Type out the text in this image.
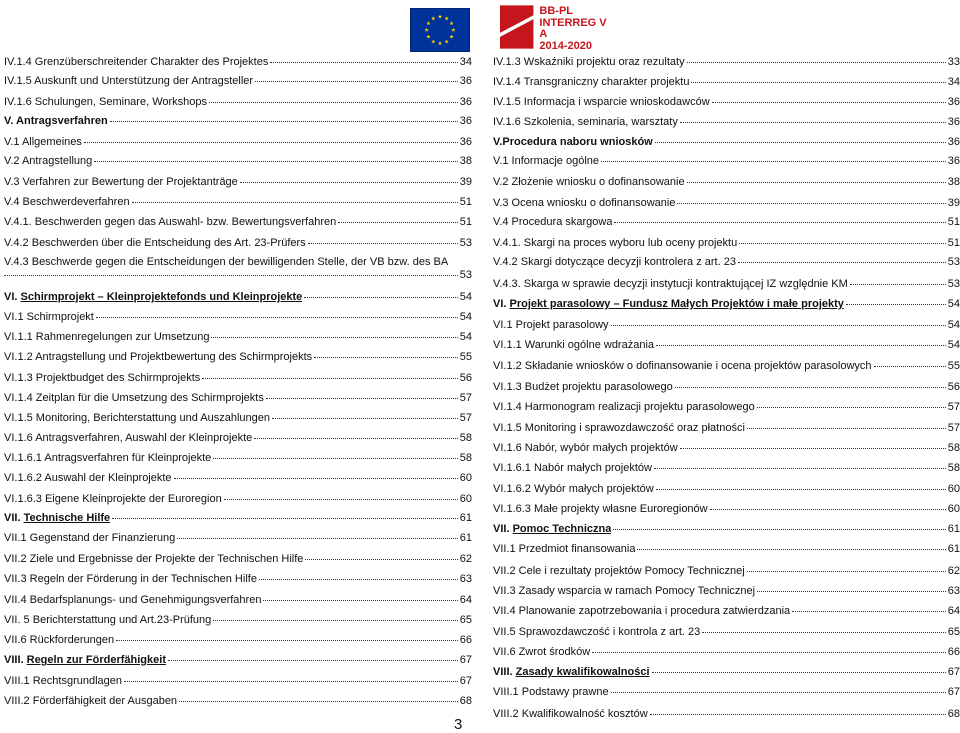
BB-PL
INTERREG V A
2014-2020
IV.1.4 Grenzüberschreitender Charakter des Projektes	34
IV.1.5 Auskunft und Unterstützung der Antragsteller	36
IV.1.6 Schulungen, Seminare, Workshops	36
V. Antragsverfahren	36
V.1 Allgemeines	36
V.2 Antragstellung	38
V.3 Verfahren zur Bewertung der Projektanträge	39
V.4 Beschwerdeverfahren	51
V.4.1. Beschwerden gegen das Auswahl- bzw. Bewertungsverfahren	51
V.4.2 Beschwerden über die Entscheidung des Art. 23-Prüfers	53
V.4.3 Beschwerde gegen die Entscheidungen der bewilligenden Stelle, der VB bzw. des BA
53
VI. Schirmprojekt – Kleinprojektefonds und Kleinprojekte	54
VI.1 Schirmprojekt	54
VI.1.1 Rahmenregelungen zur Umsetzung	54
VI.1.2 Antragstellung und Projektbewertung des Schirmprojekts	55
VI.1.3 Projektbudget des Schirmprojekts	56
VI.1.4 Zeitplan für die Umsetzung des Schirmprojekts	57
VI.1.5 Monitoring, Berichterstattung und Auszahlungen	57
VI.1.6 Antragsverfahren, Auswahl der Kleinprojekte	58
VI.1.6.1 Antragsverfahren für Kleinprojekte	58
VI.1.6.2 Auswahl der Kleinprojekte	60
VI.1.6.3 Eigene Kleinprojekte der Euroregion	60
VII. Technische Hilfe	61
VII.1 Gegenstand der Finanzierung	61
VII.2 Ziele und Ergebnisse der Projekte der Technischen Hilfe	62
VII.3 Regeln der Förderung in der Technischen Hilfe	63
VII.4 Bedarfsplanungs- und Genehmigungsverfahren	64
VII. 5 Berichterstattung und Art.23-Prüfung	65
VII.6 Rückforderungen	66
VIII. Regeln zur Förderfähigkeit	67
VIII.1 Rechtsgrundlagen	67
VIII.2 Förderfähigkeit der Ausgaben	68
IV.1.3 Wskaźniki projektu oraz rezultaty	33
IV.1.4 Transgraniczny charakter projektu	34
IV.1.5 Informacja i wsparcie wnioskodawców	36
IV.1.6 Szkolenia, seminaria, warsztaty	36
V.Procedura naboru wniosków	36
V.1 Informacje ogólne	36
V.2 Złożenie wniosku o dofinansowanie	38
V.3 Ocena wniosku o dofinansowanie	39
V.4 Procedura skargowa	51
V.4.1. Skargi na proces wyboru lub oceny projektu	51
V.4.2 Skargi dotyczące decyzji kontrolera z art. 23	53
V.4.3. Skarga w sprawie decyzji instytucji kontraktującej IZ względnie KM	53
VI. Projekt parasolowy – Fundusz Małych Projektów i małe projekty	54
VI.1 Projekt parasolowy	54
VI.1.1 Warunki ogólne wdrażania	54
VI.1.2 Składanie wniosków o dofinansowanie i ocena projektów parasolowych	55
VI.1.3 Budżet projektu parasolowego	56
VI.1.4 Harmonogram realizacji projektu parasolowego	57
VI.1.5 Monitoring i sprawozdawczość oraz płatności	57
VI.1.6 Nabór, wybór małych projektów	58
VI.1.6.1 Nabór małych projektów	58
VI.1.6.2 Wybór małych projektów	60
VI.1.6.3 Małe projekty własne Euroregionów	60
VII. Pomoc Techniczna	61
VII.1 Przedmiot finansowania	61
VII.2 Cele i rezultaty projektów Pomocy Technicznej	62
VII.3 Zasady wsparcia w ramach Pomocy Technicznej	63
VII.4 Planowanie zapotrzebowania i procedura zatwierdzania	64
VII.5 Sprawozdawczość i kontrola z art. 23	65
VII.6 Zwrot środków	66
VIII. Zasady kwalifikowalności	67
VIII.1 Podstawy prawne	67
VIII.2 Kwalifikowalność kosztów	68
3
